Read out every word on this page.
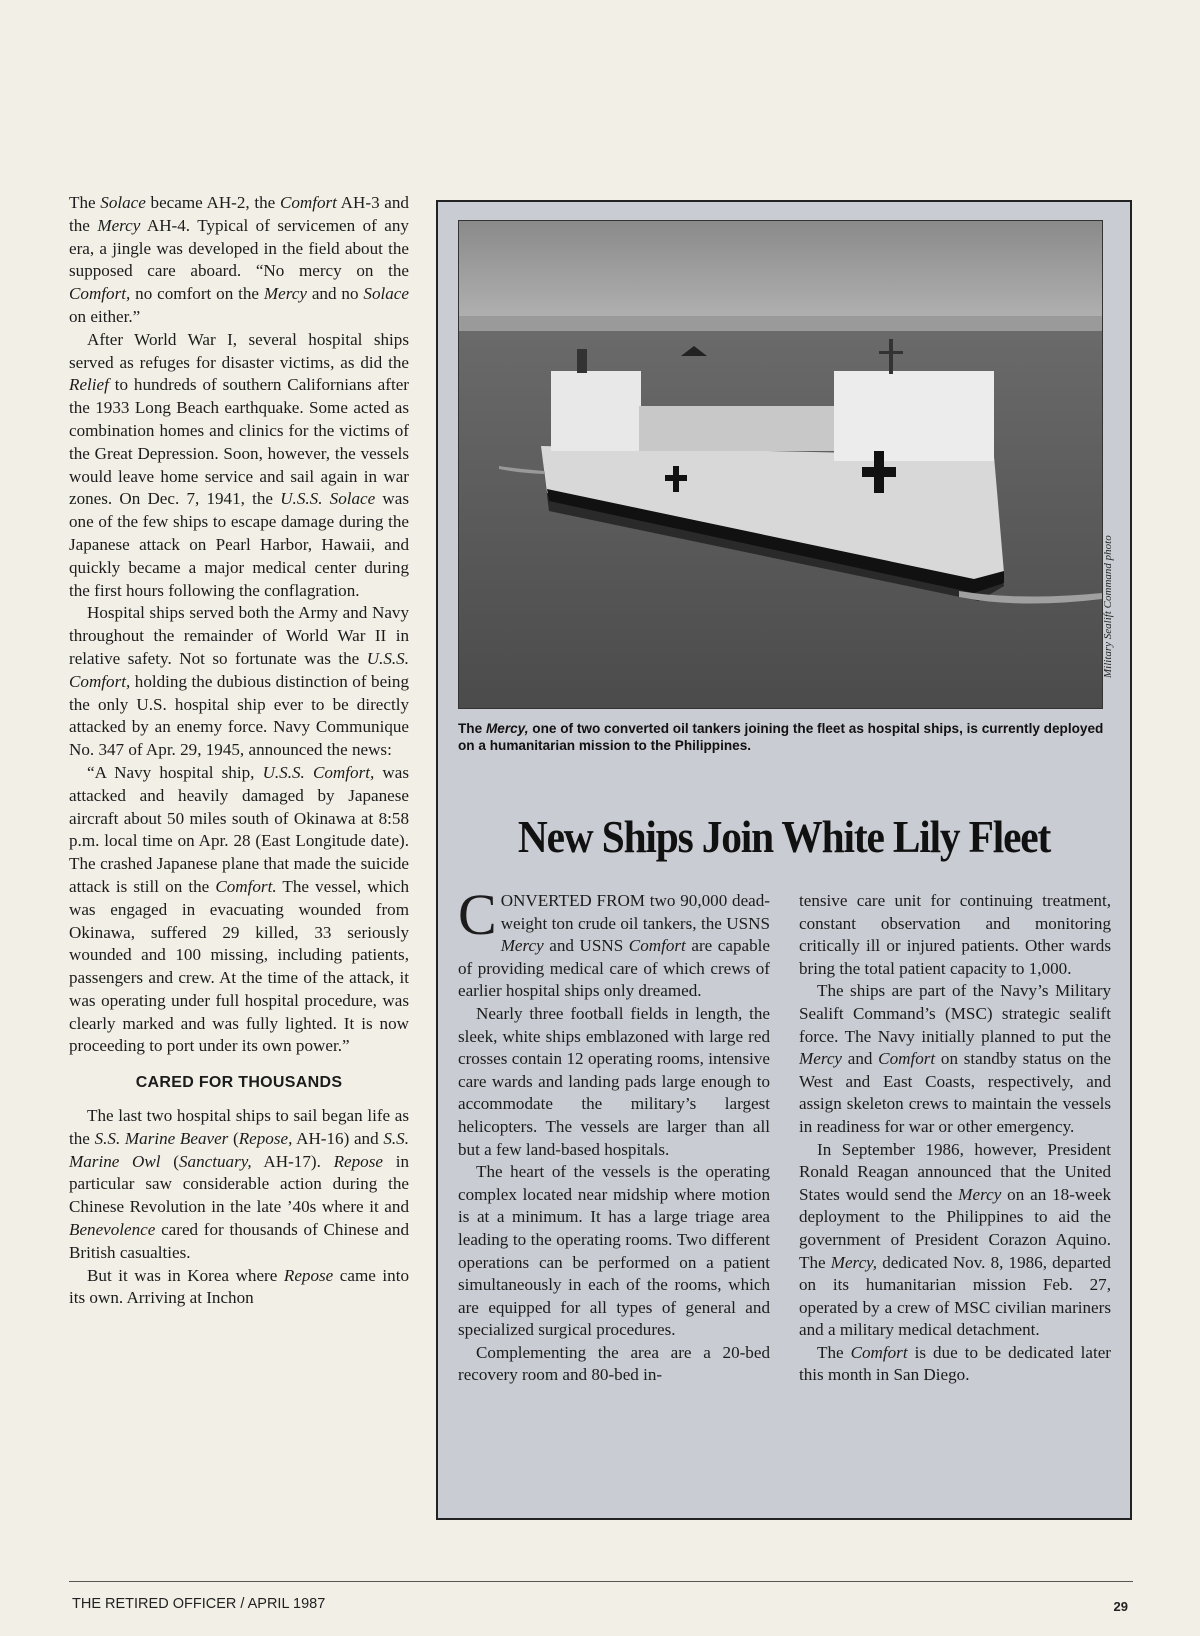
The Solace became AH-2, the Comfort AH-3 and the Mercy AH-4. Typical of servicemen of any era, a jingle was developed in the field about the supposed care aboard. “No mercy on the Comfort, no comfort on the Mercy and no Solace on either.”

After World War I, several hospital ships served as refuges for disaster victims, as did the Relief to hundreds of southern Californians after the 1933 Long Beach earthquake. Some acted as combination homes and clinics for the victims of the Great Depression. Soon, however, the vessels would leave home service and sail again in war zones. On Dec. 7, 1941, the U.S.S. Solace was one of the few ships to escape damage during the Japanese attack on Pearl Harbor, Hawaii, and quickly became a major medical center during the first hours following the conflagration.

Hospital ships served both the Army and Navy throughout the remainder of World War II in relative safety. Not so fortunate was the U.S.S. Comfort, holding the dubious distinction of being the only U.S. hospital ship ever to be directly attacked by an enemy force. Navy Communique No. 347 of Apr. 29, 1945, announced the news:

“A Navy hospital ship, U.S.S. Comfort, was attacked and heavily damaged by Japanese aircraft about 50 miles south of Okinawa at 8:58 p.m. local time on Apr. 28 (East Longitude date). The crashed Japanese plane that made the suicide attack is still on the Comfort. The vessel, which was engaged in evacuating wounded from Okinawa, suffered 29 killed, 33 seriously wounded and 100 missing, including patients, passengers and crew. At the time of the attack, it was operating under full hospital procedure, was clearly marked and was fully lighted. It is now proceeding to port under its own power.”

CARED FOR THOUSANDS

The last two hospital ships to sail began life as the S.S. Marine Beaver (Repose, AH-16) and S.S. Marine Owl (Sanctuary, AH-17). Repose in particular saw considerable action during the Chinese Revolution in the late ’40s where it and Benevolence cared for thousands of Chinese and British casualties.

But it was in Korea where Repose came into its own. Arriving at Inchon

Military Sealift Command photo
The Mercy, one of two converted oil tankers joining the fleet as hospital ships, is currently deployed on a humanitarian mission to the Philippines.
New Ships Join White Lily Fleet

CONVERTED FROM two 90,000 dead-weight ton crude oil tankers, the USNS Mercy and USNS Comfort are capable of providing medical care of which crews of earlier hospital ships only dreamed.

Nearly three football fields in length, the sleek, white ships emblazoned with large red crosses contain 12 operating rooms, intensive care wards and landing pads large enough to accommodate the military’s largest helicopters. The vessels are larger than all but a few land-based hospitals.

The heart of the vessels is the operating complex located near midship where motion is at a minimum. It has a large triage area leading to the operating rooms. Two different operations can be performed on a patient simultaneously in each of the rooms, which are equipped for all types of general and specialized surgical procedures.

Complementing the area are a 20-bed recovery room and 80-bed in-

tensive care unit for continuing treatment, constant observation and monitoring critically ill or injured patients. Other wards bring the total patient capacity to 1,000.

The ships are part of the Navy’s Military Sealift Command’s (MSC) strategic sealift force. The Navy initially planned to put the Mercy and Comfort on standby status on the West and East Coasts, respectively, and assign skeleton crews to maintain the vessels in readiness for war or other emergency.

In September 1986, however, President Ronald Reagan announced that the United States would send the Mercy on an 18-week deployment to the Philippines to aid the government of President Corazon Aquino. The Mercy, dedicated Nov. 8, 1986, departed on its humanitarian mission Feb. 27, operated by a crew of MSC civilian mariners and a military medical detachment.

The Comfort is due to be dedicated later this month in San Diego.

THE RETIRED OFFICER / APRIL 1987	29
